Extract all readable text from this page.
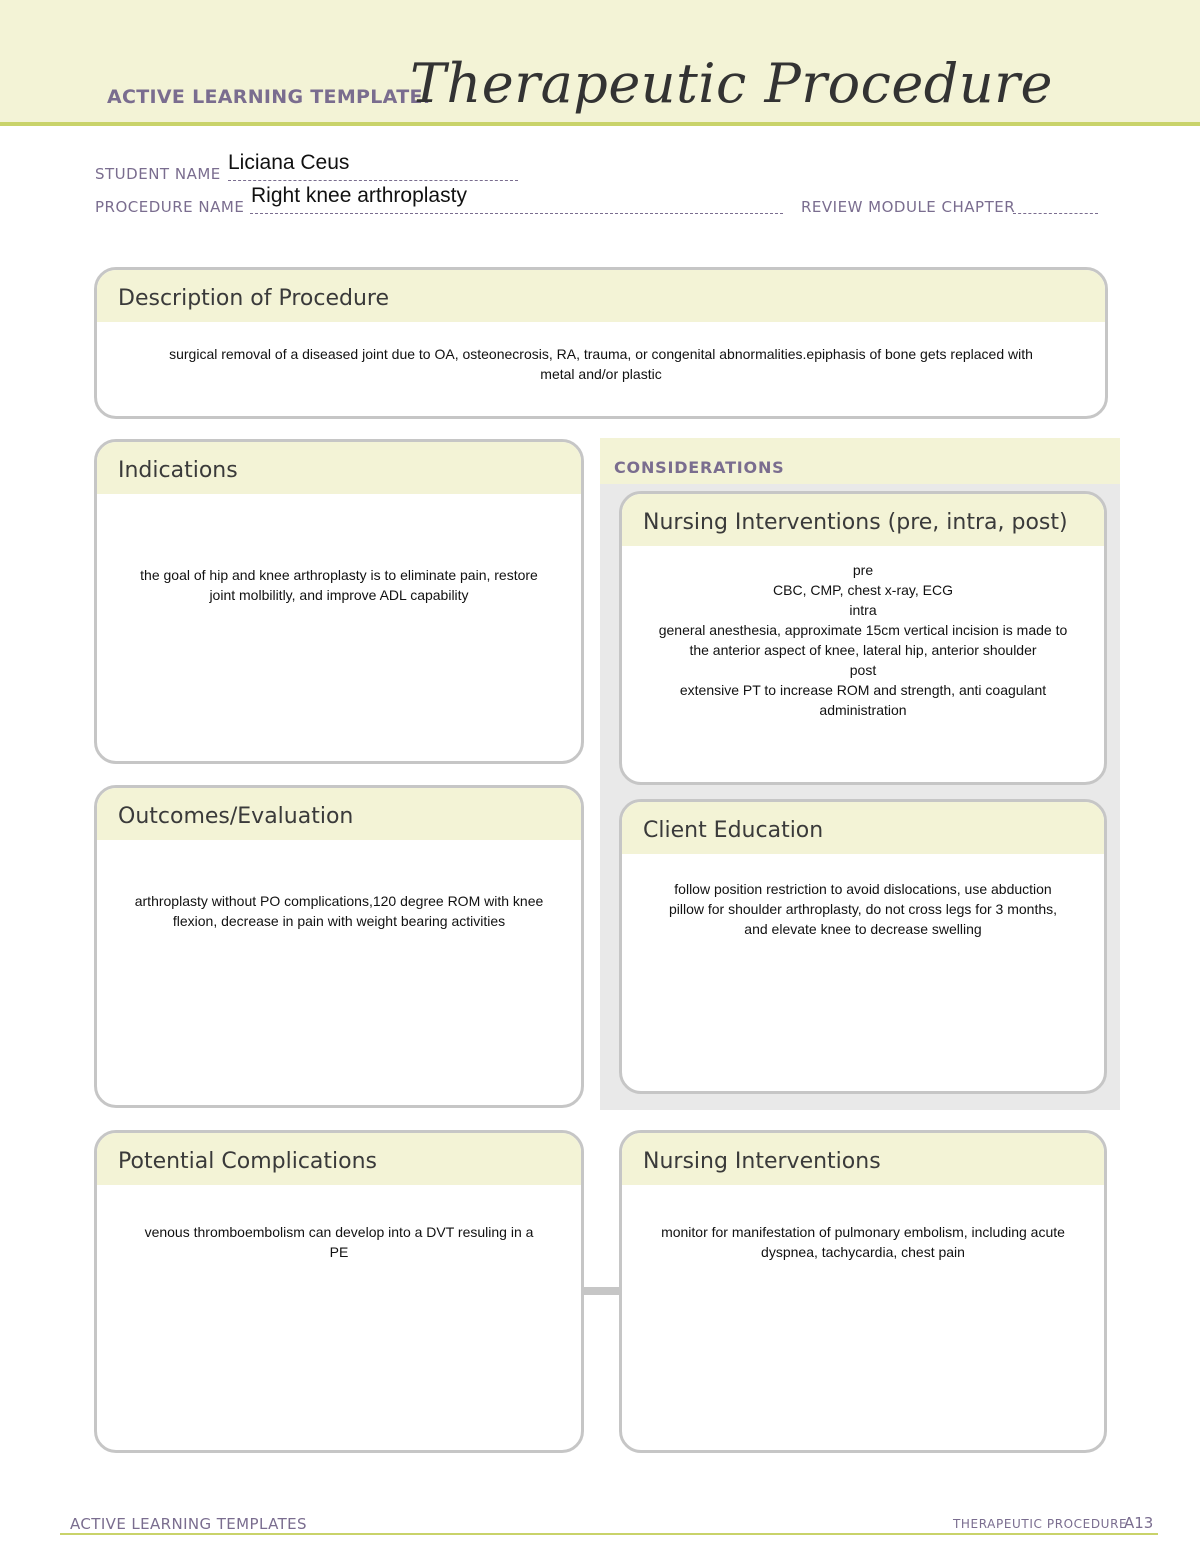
ACTIVE LEARNING TEMPLATE:
Therapeutic Procedure
STUDENT NAME Liciana Ceus
PROCEDURE NAME Right knee arthroplasty	REVIEW MODULE CHAPTER
Description of Procedure
surgical removal of a diseased joint due to OA, osteonecrosis, RA, trauma, or congenital abnormalities.epiphasis of bone gets replaced with
metal and/or plastic
Indications
the goal of hip and knee arthroplasty is to eliminate pain, restore
joint molbilitly, and improve ADL capability
CONSIDERATIONS
Nursing Interventions (pre, intra, post)
pre
CBC, CMP, chest x-ray, ECG
intra
general anesthesia, approximate 15cm vertical incision is made to
the anterior aspect of knee, lateral hip, anterior shoulder
post
extensive PT to increase ROM and strength, anti coagulant
administration
Outcomes/Evaluation
arthroplasty without PO complications,120 degree ROM with knee
flexion, decrease in pain with weight bearing activities
Client Education
follow position restriction to avoid dislocations, use abduction
pillow for shoulder arthroplasty, do not cross legs for 3 months,
and elevate knee to decrease swelling
Potential Complications
venous thromboembolism can develop into a DVT resuling in a
PE
Nursing Interventions
monitor for manifestation of pulmonary embolism, including acute
dyspnea, tachycardia, chest pain
ACTIVE LEARNING TEMPLATES	THERAPEUTIC PROCEDURE
A13
